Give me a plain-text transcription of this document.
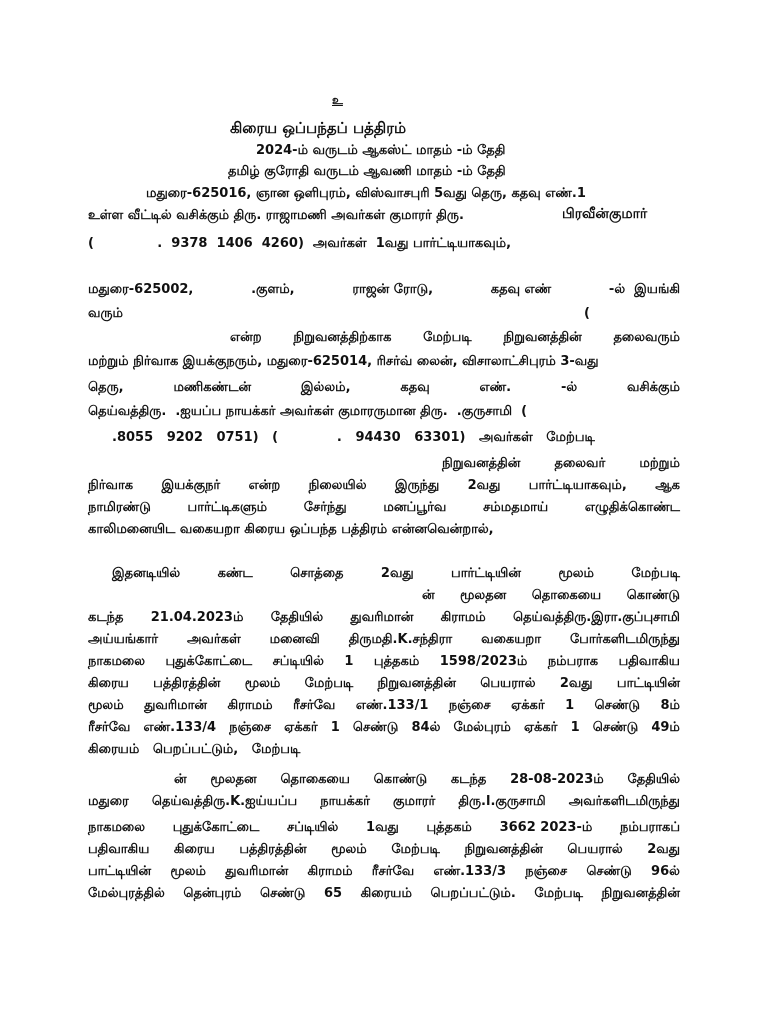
உ
கிரைய ஒப்பந்தப் பத்திரம்
2024-ம் வருடம் ஆகஸ்ட் மாதம் -ம் தேதி
தமிழ் குரோதி வருடம் ஆவணி மாதம் -ம் தேதி
மதுரை-625016, ஞான ஒளிபுரம், விஸ்வாசபுரி 5வது தெரு, கதவு எண்.1
உள்ள வீட்டில் வசிக்கும் திரு. ராஜாமணி அவர்கள் குமாரர் திரு.	பிரவீன்குமார்
(              .  9378  1406  4260)  அவர்கள்  1வது பார்ட்டியாகவும்,
மதுரை-625002,	.குளம்,	ராஜன் ரோடு,	கதவு எண்	-ல்  இயங்கி
வரும்	(
என்ற நிறுவனத்திற்காக மேற்படி நிறுவனத்தின் தலைவரும்
மற்றும் நிர்வாக இயக்குநரும், மதுரை-625014, ரிசர்வ் லைன், விசாலாட்சிபுரம் 3-வது
தெரு,	மணிகண்டன்	இல்லம்,	கதவு	எண்.	-ல்	வசிக்கும்
தெய்வத்திரு.  .ஐயப்ப நாயக்கர் அவர்கள் குமாரருமான திரு.  .குருசாமி  (
.8055   9202   0751)   (             .   94430   63301)   அவர்கள்   மேற்படி
நிறுவனத்தின்	தலைவர்	மற்றும்
நிர்வாக இயக்குநர் என்ற நிலையில் இருந்து 2வது பார்ட்டியாகவும், ஆக
நாமிரண்டு	பார்ட்டிகளும்	சேர்ந்து	மனப்பூர்வ	சம்மதமாய்	எழுதிக்கொண்ட
காலிமனையிட வகையறா கிரைய ஒப்பந்த பத்திரம் என்னவென்றால்,
இதனடியில்	கண்ட	சொத்தை	2வது	பார்ட்டியின்	மூலம்	மேற்படி
ன் மூலதன தொகையை கொண்டு
கடந்த 21.04.2023ம் தேதியில் துவரிமான் கிராமம் தெய்வத்திரு.இரா.குப்புசாமி
அய்யங்கார் அவர்கள் மனைவி திருமதி.K.சந்திரா வகையறா போர்களிடமிருந்து
நாகமலை புதுக்கோட்டை சப்டியில் 1 புத்தகம் 1598/2023ம் நம்பராக பதிவாகிய
கிரைய பத்திரத்தின் மூலம் மேற்படி நிறுவனத்தின் பெயரால் 2வது பாட்டியின்
மூலம் துவரிமான் கிராமம் ரீசர்வே எண்.133/1 நஞ்சை ஏக்கர் 1 செண்டு 8ம்
ரீசர்வே எண்.133/4 நஞ்சை ஏக்கர் 1 செண்டு 84ல் மேல்புரம் ஏக்கர் 1 செண்டு 49ம்
கிரையம்   பெறப்பட்டும்,   மேற்படி
ன் மூலதன தொகையை கொண்டு கடந்த 28-08-2023ம் தேதியில்
மதுரை தெய்வத்திரு.K.ஐய்யப்ப நாயக்கர் குமாரர் திரு.l.குருசாமி அவர்களிடமிருந்து
நாகமலை புதுக்கோட்டை சப்டியில் 1வது புத்தகம் 3662 2023-ம் நம்பராகப்
பதிவாகிய கிரைய பத்திரத்தின் மூலம் மேற்படி நிறுவனத்தின் பெயரால் 2வது
பாட்டியின் மூலம் துவரிமான் கிராமம் ரீசர்வே எண்.133/3 நஞ்சை செண்டு 96ல்
மேல்புரத்தில் தென்புரம் செண்டு 65 கிரையம் பெறப்பட்டும். மேற்படி நிறுவனத்தின்
